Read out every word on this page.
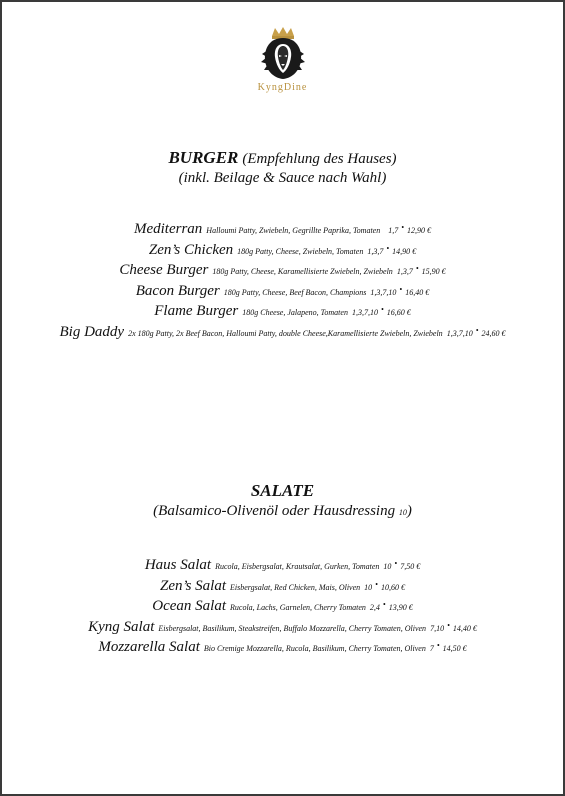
KyngDine
BURGER (Empfehlung des Hauses)
(inkl. Beilage & Sauce nach Wahl)
Mediterran Halloumi Patty, Zwiebeln, Gegrillte Paprika, Tomaten 1,7 • 12,90 €
Zen’s Chicken 180g Patty, Cheese, Zwiebeln, Tomaten 1,3,7 • 14,90 €
Cheese Burger 180g Patty, Cheese, Karamellisierte Zwiebeln, Zwiebeln 1,3,7 • 15,90 €
Bacon Burger 180g Patty, Cheese, Beef Bacon, Champions 1,3,7,10 • 16,40 €
Flame Burger 180g Cheese, Jalapeno, Tomaten 1,3,7,10 • 16,60 €
Big Daddy 2x 180g Patty, 2x Beef Bacon, Halloumi Patty, double Cheese,Karamellisierte Zwiebeln, Zwiebeln 1,3,7,10 • 24,60 €
SALATE
(Balsamico-Olivenöl oder Hausdressing 10)
Haus Salat Rucola, Eisbergsalat, Krautsalat, Gurken, Tomaten 10 • 7,50 €
Zen’s Salat Eisbergsalat, Red Chicken, Mais, Oliven 10 • 10,60 €
Ocean Salat Rucola, Lachs, Garnelen, Cherry Tomaten 2,4 • 13,90 €
Kyng Salat Eisbergsalat, Basilikum, Steakstreifen, Buffalo Mozzarella, Cherry Tomaten, Oliven 7,10 • 14,40 €
Mozzarella Salat Bio Cremige Mozzarella, Rucola, Basilikum, Cherry Tomaten, Oliven 7 • 14,50 €
